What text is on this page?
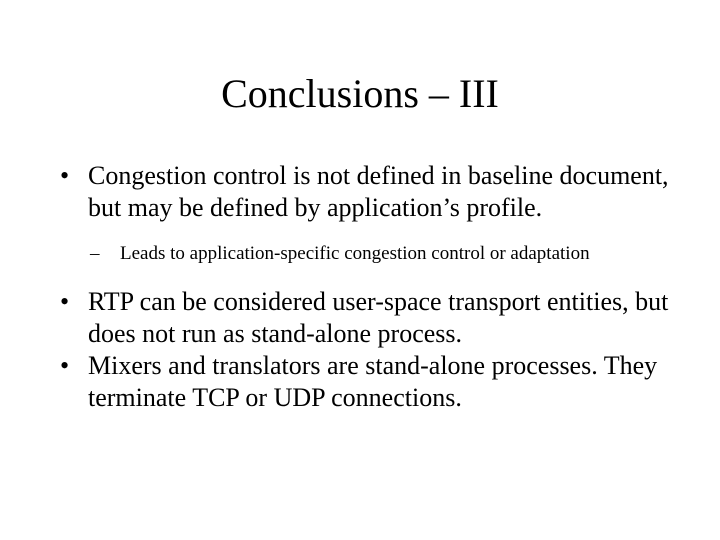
Conclusions – III
• Congestion control is not defined in baseline document, but may be defined by application’s profile.
– Leads to application-specific congestion control or adaptation
• RTP can be considered user-space transport entities, but does not run as stand-alone process.
• Mixers and translators are stand-alone processes. They terminate TCP or UDP connections.
